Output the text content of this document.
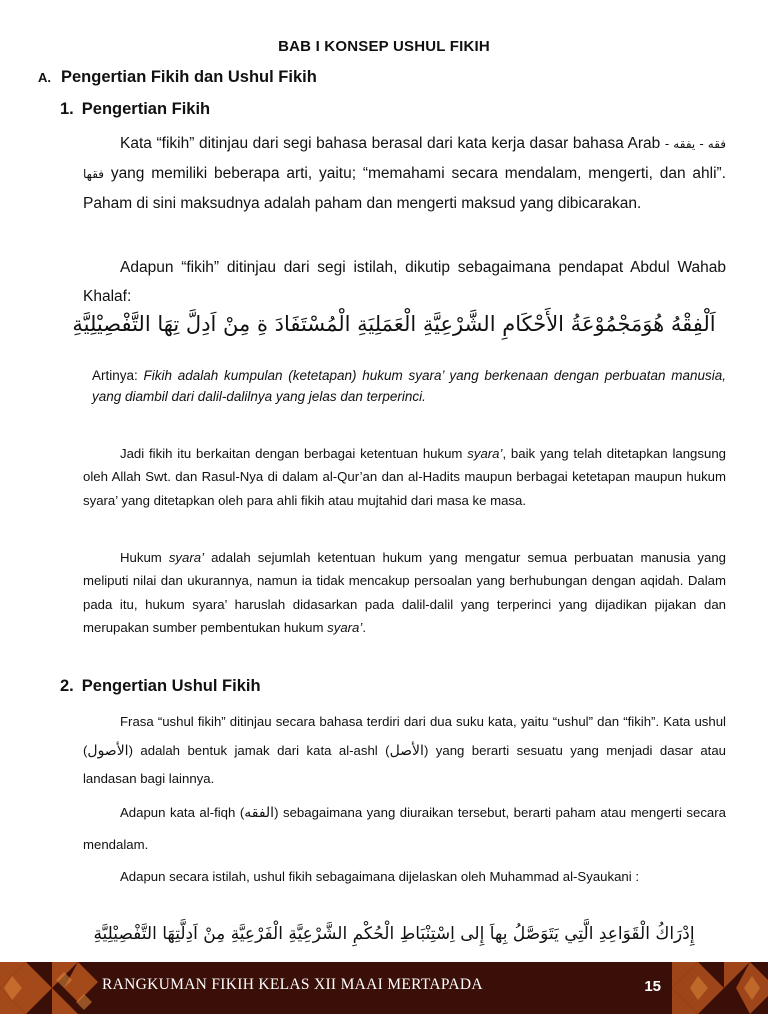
BAB I KONSEP USHUL FIKIH
A. Pengertian Fikih dan Ushul Fikih
1. Pengertian Fikih

Kata “fikih” ditinjau dari segi bahasa berasal dari kata kerja dasar bahasa Arab فقه - يفقه - فقها yang memiliki beberapa arti, yaitu; “memahami secara mendalam, mengerti, dan ahli”. Paham di sini maksudnya adalah paham dan mengerti maksud yang dibicarakan.

Adapun “fikih” ditinjau dari segi istilah, dikutip sebagaimana pendapat Abdul Wahab Khalaf:

اَلْفِقْهُ هُوَمَجْمُوْعَةُ الأَحْكَامِ الشَّرْعِيَّةِ الْعَمَلِيَةِ الْمُسْتَفَادَ ةِ مِنْ اَدِلَّ تِهَا التَّفْصِيْلِيَّةِ

Artinya: Fikih adalah kumpulan (ketetapan) hukum syara’ yang berkenaan dengan perbuatan manusia, yang diambil dari dalil-dalilnya yang jelas dan terperinci.

Jadi fikih itu berkaitan dengan berbagai ketentuan hukum syara’, baik yang telah ditetapkan langsung oleh Allah Swt. dan Rasul-Nya di dalam al-Qur’an dan al-Hadits maupun berbagai ketetapan maupun hukum syara’ yang ditetapkan oleh para ahli fikih atau mujtahid dari masa ke masa.

Hukum syara’ adalah sejumlah ketentuan hukum yang mengatur semua perbuatan manusia yang meliputi nilai dan ukurannya, namun ia tidak mencakup persoalan yang berhubungan dengan aqidah. Dalam pada itu, hukum syara’ haruslah didasarkan pada dalil-dalil yang terperinci yang dijadikan pijakan dan merupakan sumber pembentukan hukum syara’.

2. Pengertian Ushul Fikih

Frasa “ushul fikih” ditinjau secara bahasa terdiri dari dua suku kata, yaitu “ushul” dan “fikih”. Kata ushul (الأصول) adalah bentuk jamak dari kata al-ashl (الأصل) yang berarti sesuatu yang menjadi dasar atau landasan bagi lainnya.

Adapun kata al-fiqh (الفقه) sebagaimana yang diuraikan tersebut, berarti paham atau mengerti secara mendalam.

Adapun secara istilah, ushul fikih sebagaimana dijelaskan oleh Muhammad al-Syaukani :

إِدْرَاكُ الْقَوَاعِدِ الَّتِي يَتَوَصَّلُ بِهاَ إِلى اِسْتِنْبَاطِ الْحُكْمِ الشَّرْعِيَّةِ الْفَرْعِيَّةِ مِنْ اَدِلَّتِهَا التَّفْصِيْلِيَّةِ
RANGKUMAN FIKIH KELAS XII MAAI MERTAPADA	15
